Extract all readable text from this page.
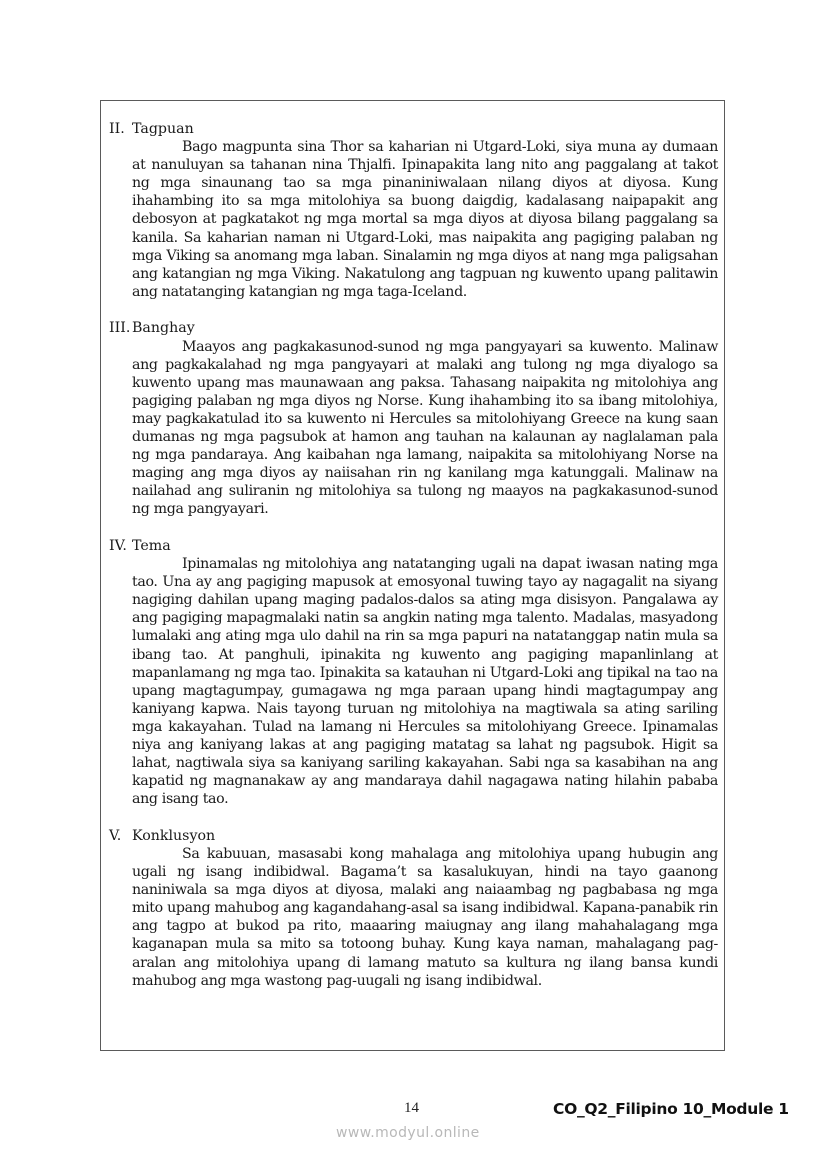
II. Tagpuan
Bago magpunta sina Thor sa kaharian ni Utgard-Loki, siya muna ay dumaan at nanuluyan sa tahanan nina Thjalfi. Ipinapakita lang nito ang paggalang at takot ng mga sinaunang tao sa mga pinaniniwalaan nilang diyos at diyosa. Kung ihahambing ito sa mga mitolohiya sa buong daigdig, kadalasang naipapakit ang debosyon at pagkatakot ng mga mortal sa mga diyos at diyosa bilang paggalang sa kanila. Sa kaharian naman ni Utgard-Loki, mas naipakita ang pagiging palaban ng mga Viking sa anomang mga laban. Sinalamin ng mga diyos at nang mga paligsahan ang katangian ng mga Viking. Nakatulong ang tagpuan ng kuwento upang palitawin ang natatanging katangian ng mga taga-Iceland.
III. Banghay
Maayos ang pagkakasunod-sunod ng mga pangyayari sa kuwento. Malinaw ang pagkakalahad ng mga pangyayari at malaki ang tulong ng mga diyalogo sa kuwento upang mas maunawaan ang paksa. Tahasang naipakita ng mitolohiya ang pagiging palaban ng mga diyos ng Norse. Kung ihahambing ito sa ibang mitolohiya, may pagkakatulad ito sa kuwento ni Hercules sa mitolohiyang Greece na kung saan dumanas ng mga pagsubok at hamon ang tauhan na kalaunan ay naglalaman pala ng mga pandaraya. Ang kaibahan nga lamang, naipakita sa mitolohiyang Norse na maging ang mga diyos ay naiisahan rin ng kanilang mga katunggali. Malinaw na nailahad ang suliranin ng mitolohiya sa tulong ng maayos na pagkakasunod-sunod ng mga pangyayari.
IV. Tema
Ipinamalas ng mitolohiya ang natatanging ugali na dapat iwasan nating mga tao. Una ay ang pagiging mapusok at emosyonal tuwing tayo ay nagagalit na siyang nagiging dahilan upang maging padalos-dalos sa ating mga disisyon. Pangalawa ay ang pagiging mapagmalaki natin sa angkin nating mga talento. Madalas, masyadong lumalaki ang ating mga ulo dahil na rin sa mga papuri na natatanggap natin mula sa ibang tao. At panghuli, ipinakita ng kuwento ang pagiging mapanlinlang at mapanlamang ng mga tao. Ipinakita sa katauhan ni Utgard-Loki ang tipikal na tao na upang magtagumpay, gumagawa ng mga paraan upang hindi magtagumpay ang kaniyang kapwa. Nais tayong turuan ng mitolohiya na magtiwala sa ating sariling mga kakayahan. Tulad na lamang ni Hercules sa mitolohiyang Greece. Ipinamalas niya ang kaniyang lakas at ang pagiging matatag sa lahat ng pagsubok. Higit sa lahat, nagtiwala siya sa kaniyang sariling kakayahan. Sabi nga sa kasabihan na ang kapatid ng magnanakaw ay ang mandaraya dahil nagagawa nating hilahin pababa ang isang tao.
V. Konklusyon
Sa kabuuan, masasabi kong mahalaga ang mitolohiya upang hubugin ang ugali ng isang indibidwal. Bagama’t sa kasalukuyan, hindi na tayo gaanong naniniwala sa mga diyos at diyosa, malaki ang naiaambag ng pagbabasa ng mga mito upang mahubog ang kagandahang-asal sa isang indibidwal. Kapana-panabik rin ang tagpo at bukod pa rito, maaaring maiugnay ang ilang mahahalagang mga kaganapan mula sa mito sa totoong buhay. Kung kaya naman, mahalagang pag-aralan ang mitolohiya upang di lamang matuto sa kultura ng ilang bansa kundi mahubog ang mga wastong pag-uugali ng isang indibidwal.
14	CO_Q2_Filipino 10_Module 1
www.modyul.online
